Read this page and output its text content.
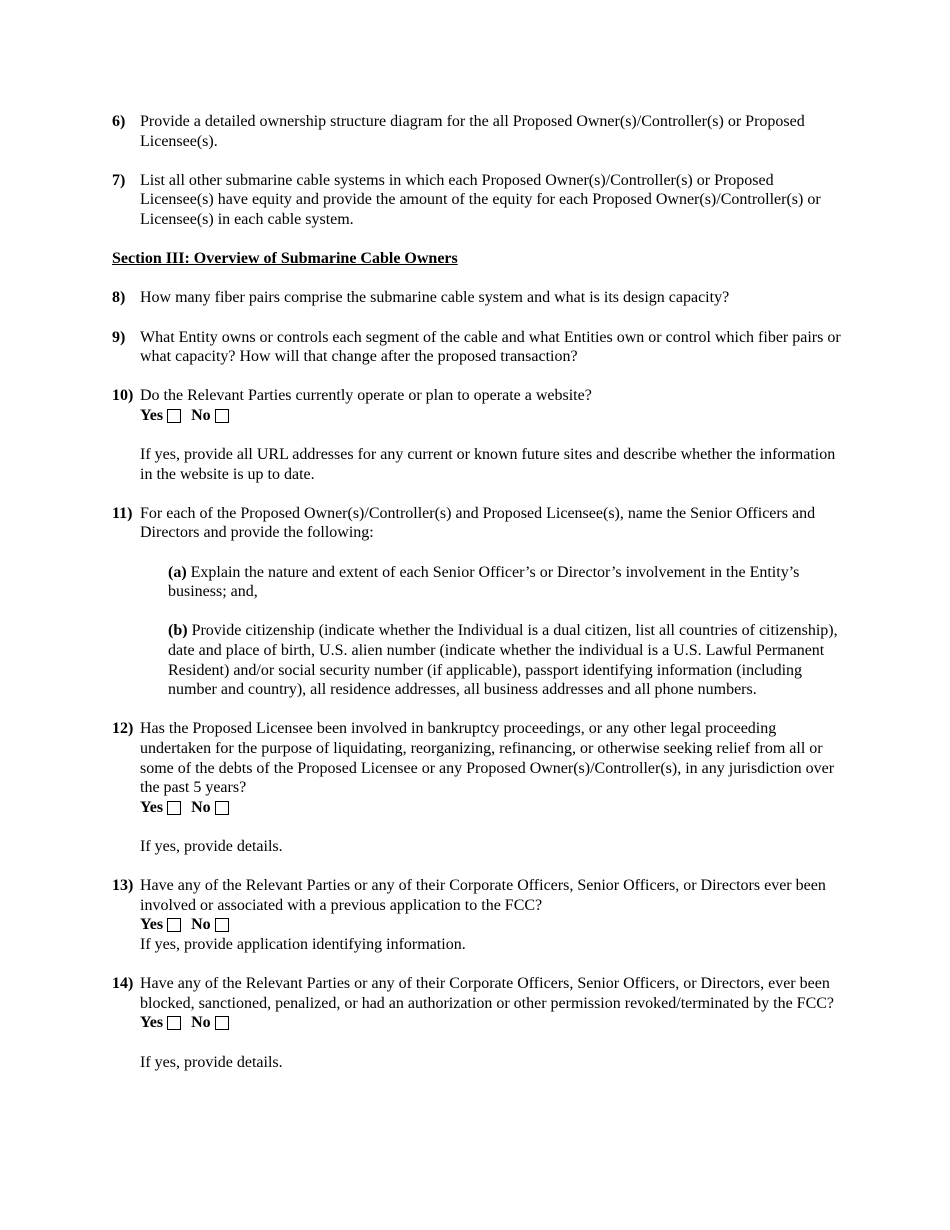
6) Provide a detailed ownership structure diagram for the all Proposed Owner(s)/Controller(s) or Proposed Licensee(s).
7) List all other submarine cable systems in which each Proposed Owner(s)/Controller(s) or Proposed Licensee(s) have equity and provide the amount of the equity for each Proposed Owner(s)/Controller(s) or Licensee(s) in each cable system.
Section III: Overview of Submarine Cable Owners
8) How many fiber pairs comprise the submarine cable system and what is its design capacity?
9) What Entity owns or controls each segment of the cable and what Entities own or control which fiber pairs or what capacity? How will that change after the proposed transaction?
10) Do the Relevant Parties currently operate or plan to operate a website?
Yes No
If yes, provide all URL addresses for any current or known future sites and describe whether the information in the website is up to date.
11) For each of the Proposed Owner(s)/Controller(s) and Proposed Licensee(s), name the Senior Officers and Directors and provide the following:
(a) Explain the nature and extent of each Senior Officer’s or Director’s involvement in the Entity’s business; and,
(b) Provide citizenship (indicate whether the Individual is a dual citizen, list all countries of citizenship), date and place of birth, U.S. alien number (indicate whether the individual is a U.S. Lawful Permanent Resident) and/or social security number (if applicable), passport identifying information (including number and country), all residence addresses, all business addresses and all phone numbers.
12) Has the Proposed Licensee been involved in bankruptcy proceedings, or any other legal proceeding undertaken for the purpose of liquidating, reorganizing, refinancing, or otherwise seeking relief from all or some of the debts of the Proposed Licensee or any Proposed Owner(s)/Controller(s), in any jurisdiction over the past 5 years?
Yes No
If yes, provide details.
13) Have any of the Relevant Parties or any of their Corporate Officers, Senior Officers, or Directors ever been involved or associated with a previous application to the FCC?
Yes No
If yes, provide application identifying information.
14) Have any of the Relevant Parties or any of their Corporate Officers, Senior Officers, or Directors, ever been blocked, sanctioned, penalized, or had an authorization or other permission revoked/terminated by the FCC?
Yes No
If yes, provide details.
